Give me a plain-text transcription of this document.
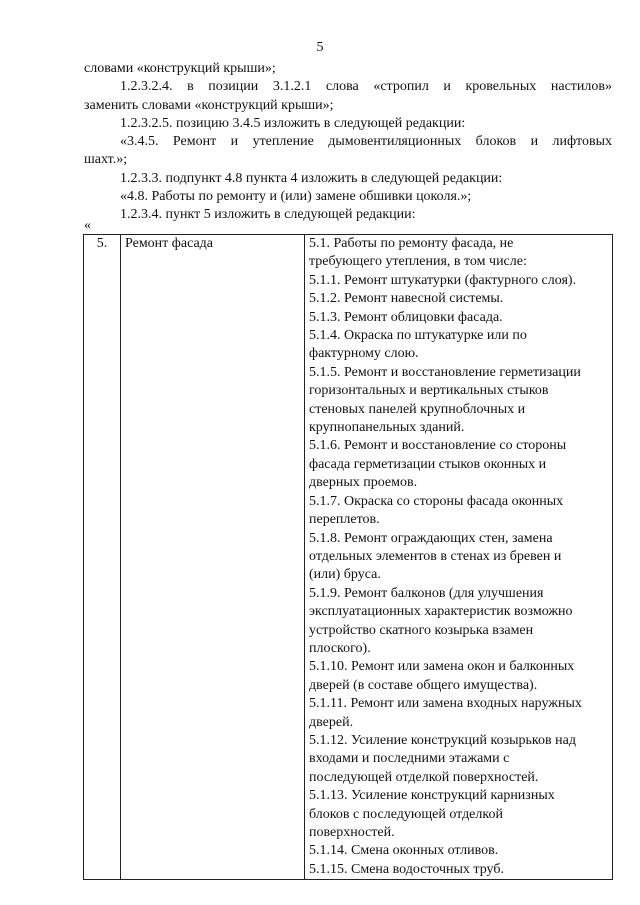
5

словами «конструкций крыши»;

1.2.3.2.4. в позиции 3.1.2.1 слова «стропил и кровельных настилов»

заменить словами «конструкций крыши»;

1.2.3.2.5. позицию 3.4.5 изложить в следующей редакции:

«3.4.5. Ремонт и утепление дымовентиляционных блоков и лифтовых

шахт.»;

1.2.3.3. подпункт 4.8 пункта 4 изложить в следующей редакции:

«4.8. Работы по ремонту и (или) замене обшивки цоколя.»;

1.2.3.4. пункт 5 изложить в следующей редакции:

«
5.	Ремонт фасада	5.1. Работы по ремонту фасада, не
требующего утепления, в том числе:
5.1.1. Ремонт штукатурки (фактурного слоя).
5.1.2. Ремонт навесной системы.
5.1.3. Ремонт облицовки фасада.
5.1.4. Окраска по штукатурке или по
фактурному слою.
5.1.5. Ремонт и восстановление герметизации
горизонтальных и вертикальных стыков
стеновых панелей крупноблочных и
крупнопанельных зданий.
5.1.6. Ремонт и восстановление со стороны
фасада герметизации стыков оконных и
дверных проемов.
5.1.7. Окраска со стороны фасада оконных
переплетов.
5.1.8. Ремонт ограждающих стен, замена
отдельных элементов в стенах из бревен и
(или) бруса.
5.1.9. Ремонт балконов (для улучшения
эксплуатационных характеристик возможно
устройство скатного козырька взамен
плоского).
5.1.10. Ремонт или замена окон и балконных
дверей (в составе общего имущества).
5.1.11. Ремонт или замена входных наружных
дверей.
5.1.12. Усиление конструкций козырьков над
входами и последними этажами с
последующей отделкой поверхностей.
5.1.13. Усиление конструкций карнизных
блоков с последующей отделкой
поверхностей.
5.1.14. Смена оконных отливов.
5.1.15. Смена водосточных труб.
